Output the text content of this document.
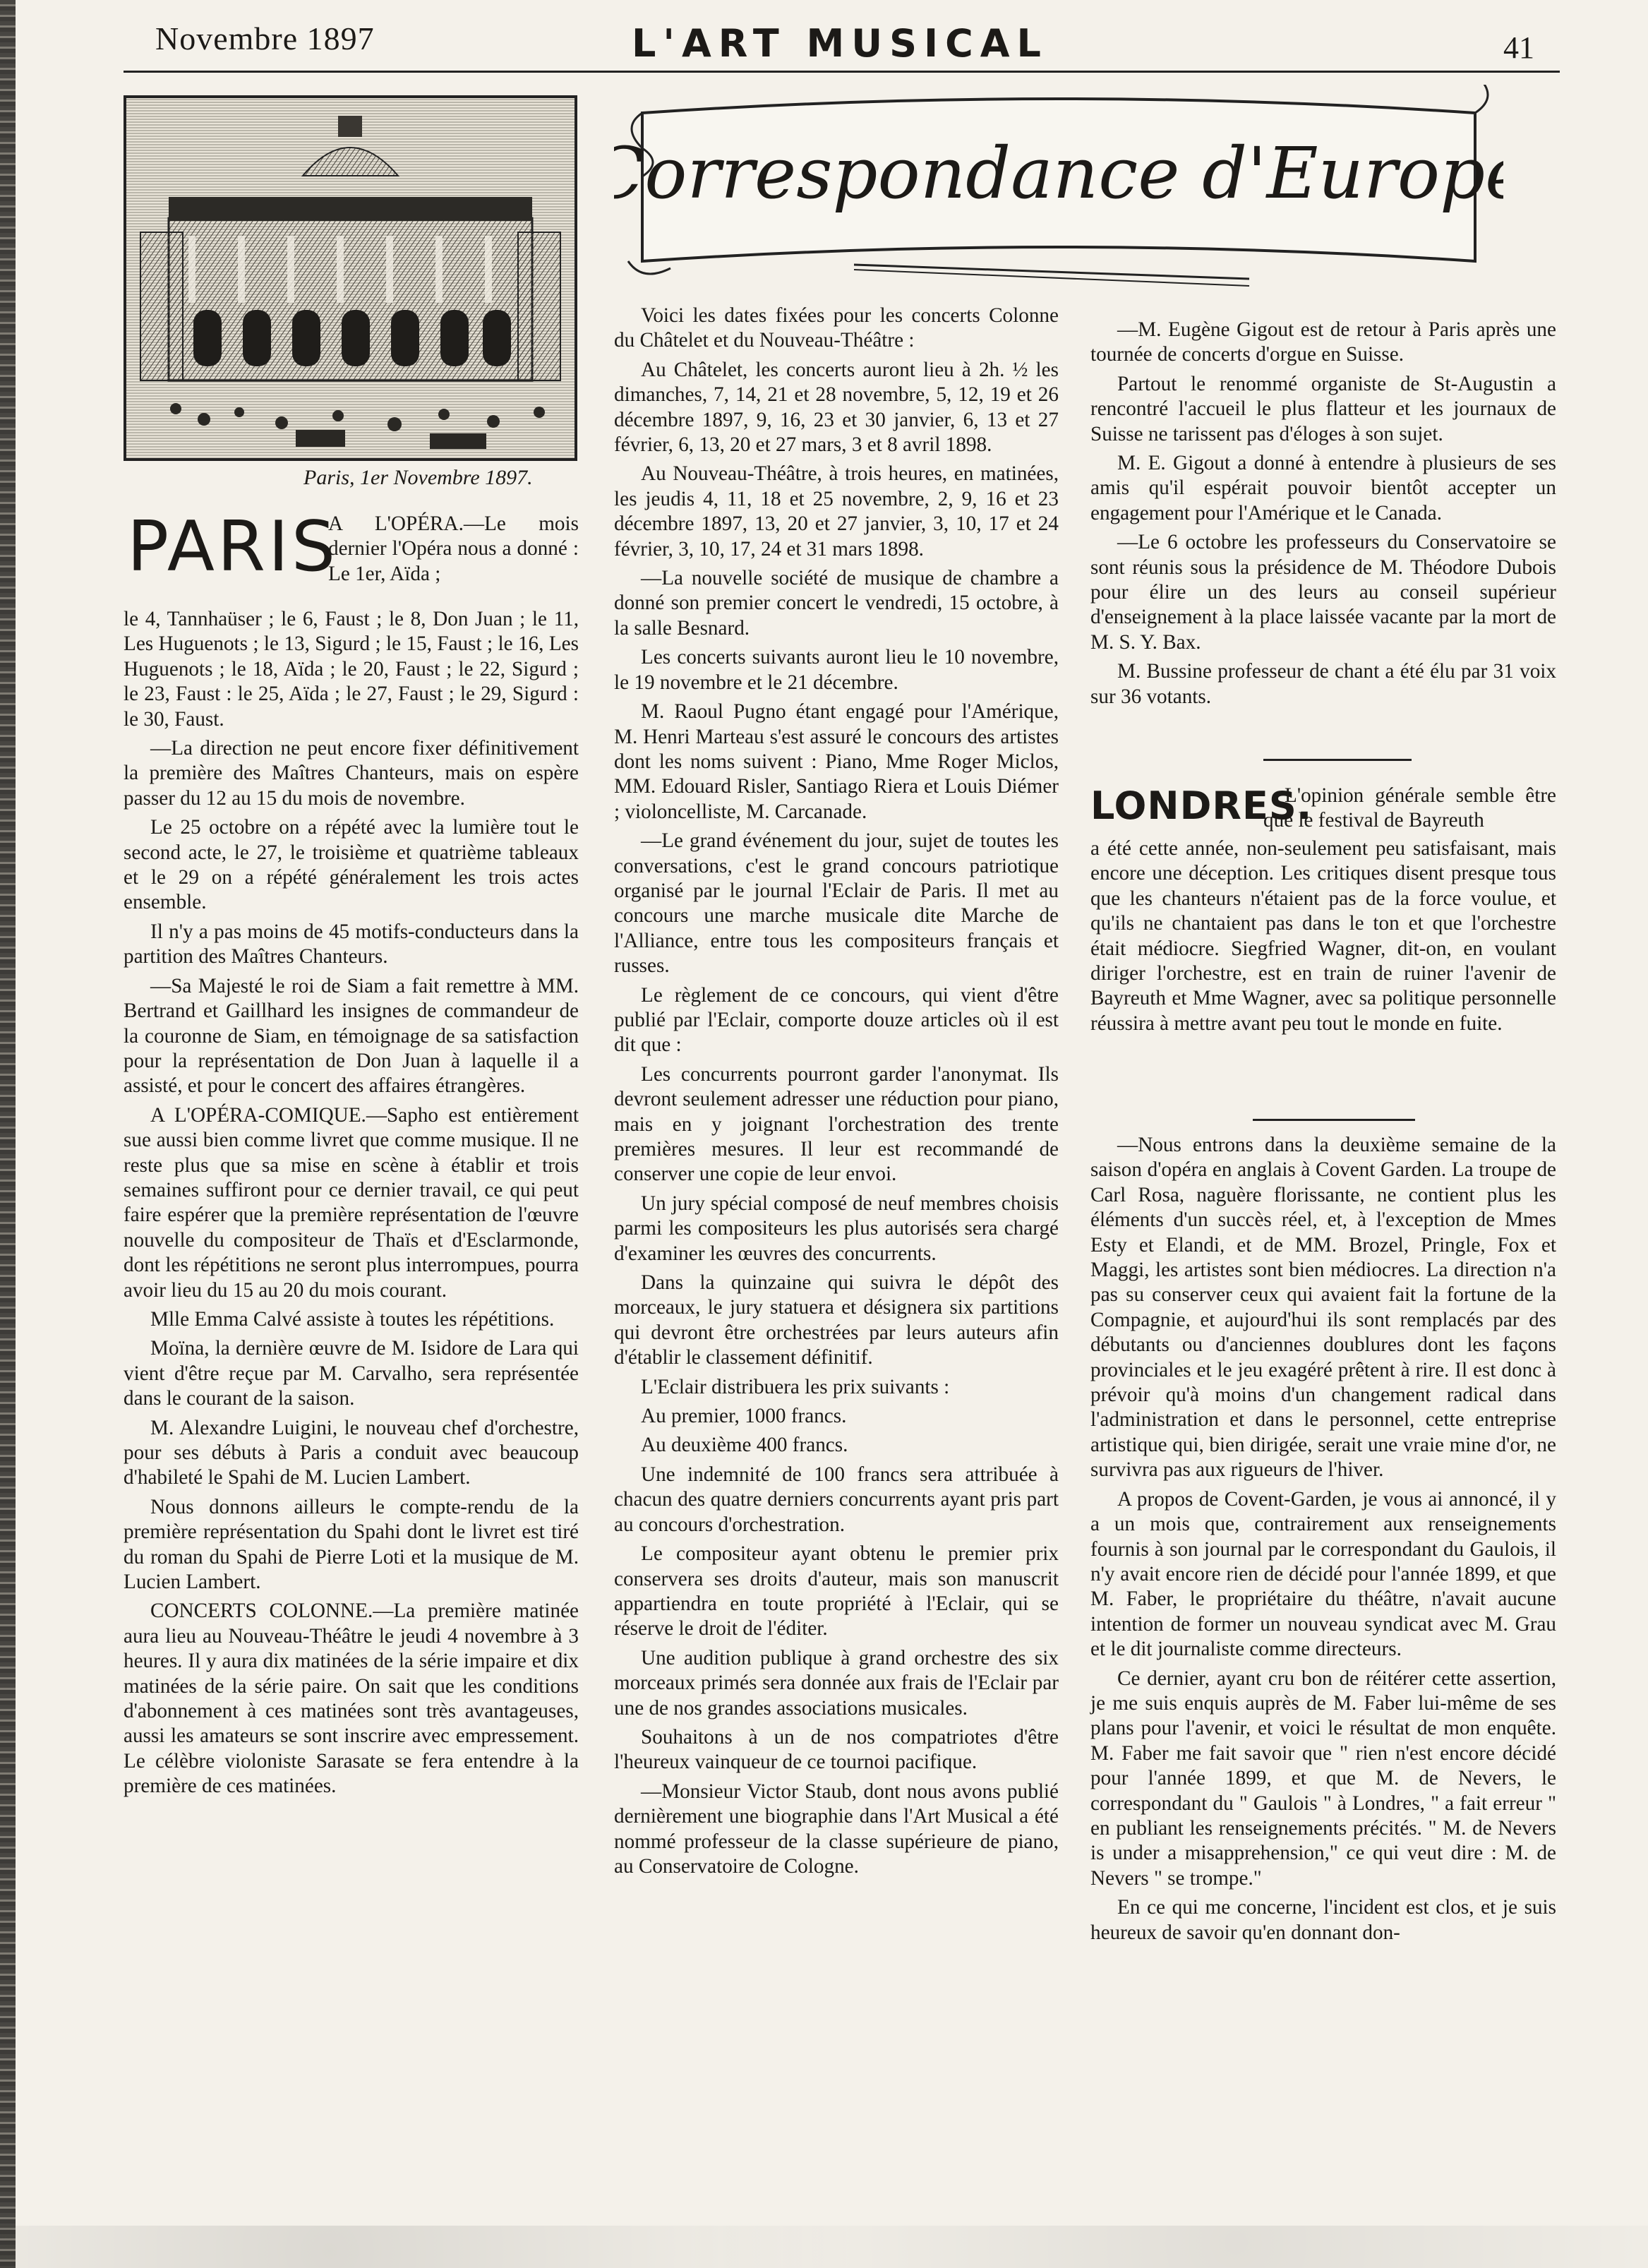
Novembre 1897	L'ART MUSICAL	41
Paris, 1er Novembre 1897.
Correspondance d'Europe
PARIS
A L'OPÉRA.—Le mois dernier l'Opéra nous a donné : Le 1er, Aïda ;

le 4, Tannhaüser ; le 6, Faust ; le 8, Don Juan ; le 11, Les Huguenots ; le 13, Sigurd ; le 15, Faust ; le 16, Les Huguenots ; le 18, Aïda ; le 20, Faust ; le 22, Sigurd ; le 23, Faust : le 25, Aïda ; le 27, Faust ; le 29, Sigurd : le 30, Faust.

—La direction ne peut encore fixer définitivement la première des Maîtres Chanteurs, mais on espère passer du 12 au 15 du mois de novembre.

Le 25 octobre on a répété avec la lumière tout le second acte, le 27, le troisième et quatrième tableaux et le 29 on a répété généralement les trois actes ensemble.

Il n'y a pas moins de 45 motifs-conducteurs dans la partition des Maîtres Chanteurs.

—Sa Majesté le roi de Siam a fait remettre à MM. Bertrand et Gaillhard les insignes de commandeur de la couronne de Siam, en témoignage de sa satisfaction pour la représentation de Don Juan à laquelle il a assisté, et pour le concert des affaires étrangères.

A L'OPÉRA-COMIQUE.—Sapho est entièrement sue aussi bien comme livret que comme musique. Il ne reste plus que sa mise en scène à établir et trois semaines suffiront pour ce dernier travail, ce qui peut faire espérer que la première représentation de l'œuvre nouvelle du compositeur de Thaïs et d'Esclarmonde, dont les répétitions ne seront plus interrompues, pourra avoir lieu du 15 au 20 du mois courant.

Mlle Emma Calvé assiste à toutes les répétitions.

Moïna, la dernière œuvre de M. Isidore de Lara qui vient d'être reçue par M. Carvalho, sera représentée dans le courant de la saison.

M. Alexandre Luigini, le nouveau chef d'orchestre, pour ses débuts à Paris a conduit avec beaucoup d'habileté le Spahi de M. Lucien Lambert.

Nous donnons ailleurs le compte-rendu de la première représentation du Spahi dont le livret est tiré du roman du Spahi de Pierre Loti et la musique de M. Lucien Lambert.

CONCERTS COLONNE.—La première matinée aura lieu au Nouveau-Théâtre le jeudi 4 novembre à 3 heures. Il y aura dix matinées de la série impaire et dix matinées de la série paire. On sait que les conditions d'abonnement à ces matinées sont très avantageuses, aussi les amateurs se sont inscrire avec empressement. Le célèbre violoniste Sarasate se fera entendre à la première de ces matinées.

Voici les dates fixées pour les concerts Colonne du Châtelet et du Nouveau-Théâtre :

Au Châtelet, les concerts auront lieu à 2h. ½ les dimanches, 7, 14, 21 et 28 novembre, 5, 12, 19 et 26 décembre 1897, 9, 16, 23 et 30 janvier, 6, 13 et 27 février, 6, 13, 20 et 27 mars, 3 et 8 avril 1898.

Au Nouveau-Théâtre, à trois heures, en matinées, les jeudis 4, 11, 18 et 25 novembre, 2, 9, 16 et 23 décembre 1897, 13, 20 et 27 janvier, 3, 10, 17 et 24 février, 3, 10, 17, 24 et 31 mars 1898.

—La nouvelle société de musique de chambre a donné son premier concert le vendredi, 15 octobre, à la salle Besnard.

Les concerts suivants auront lieu le 10 novembre, le 19 novembre et le 21 décembre.

M. Raoul Pugno étant engagé pour l'Amérique, M. Henri Marteau s'est assuré le concours des artistes dont les noms suivent : Piano, Mme Roger Miclos, MM. Edouard Risler, Santiago Riera et Louis Diémer ; violoncelliste, M. Carcanade.

—Le grand événement du jour, sujet de toutes les conversations, c'est le grand concours patriotique organisé par le journal l'Eclair de Paris. Il met au concours une marche musicale dite Marche de l'Alliance, entre tous les compositeurs français et russes.

Le règlement de ce concours, qui vient d'être publié par l'Eclair, comporte douze articles où il est dit que :

Les concurrents pourront garder l'anonymat. Ils devront seulement adresser une réduction pour piano, mais en y joignant l'orchestration des trente premières mesures. Il leur est recommandé de conserver une copie de leur envoi.

Un jury spécial composé de neuf membres choisis parmi les compositeurs les plus autorisés sera chargé d'examiner les œuvres des concurrents.

Dans la quinzaine qui suivra le dépôt des morceaux, le jury statuera et désignera six partitions qui devront être orchestrées par leurs auteurs afin d'établir le classement définitif.

L'Eclair distribuera les prix suivants :

Au premier, 1000 francs.

Au deuxième 400 francs.

Une indemnité de 100 francs sera attribuée à chacun des quatre derniers concurrents ayant pris part au concours d'orchestration.

Le compositeur ayant obtenu le premier prix conservera ses droits d'auteur, mais son manuscrit appartiendra en toute propriété à l'Eclair, qui se réserve le droit de l'éditer.

Une audition publique à grand orchestre des six morceaux primés sera donnée aux frais de l'Eclair par une de nos grandes associations musicales.

Souhaitons à un de nos compatriotes d'être l'heureux vainqueur de ce tournoi pacifique.

—Monsieur Victor Staub, dont nous avons publié dernièrement une biographie dans l'Art Musical a été nommé professeur de la classe supérieure de piano, au Conservatoire de Cologne.

—M. Eugène Gigout est de retour à Paris après une tournée de concerts d'orgue en Suisse.

Partout le renommé organiste de St-Augustin a rencontré l'accueil le plus flatteur et les journaux de Suisse ne tarissent pas d'éloges à son sujet.

M. E. Gigout a donné à entendre à plusieurs de ses amis qu'il espérait pouvoir bientôt accepter un engagement pour l'Amérique et le Canada.

—Le 6 octobre les professeurs du Conservatoire se sont réunis sous la présidence de M. Théodore Dubois pour élire un des leurs au conseil supérieur d'enseignement à la place laissée vacante par la mort de M. S. Y. Bax.

M. Bussine professeur de chant a été élu par 31 voix sur 36 votants.

LONDRES.
L'opinion générale semble être que le festival de Bayreuth

a été cette année, non-seulement peu satisfaisant, mais encore une déception. Les critiques disent presque tous que les chanteurs n'étaient pas de la force voulue, et qu'ils ne chantaient pas dans le ton et que l'orchestre était médiocre. Siegfried Wagner, dit-on, en voulant diriger l'orchestre, est en train de ruiner l'avenir de Bayreuth et Mme Wagner, avec sa politique personnelle réussira à mettre avant peu tout le monde en fuite.

—Nous entrons dans la deuxième semaine de la saison d'opéra en anglais à Covent Garden. La troupe de Carl Rosa, naguère florissante, ne contient plus les éléments d'un succès réel, et, à l'exception de Mmes Esty et Elandi, et de MM. Brozel, Pringle, Fox et Maggi, les artistes sont bien médiocres. La direction n'a pas su conserver ceux qui avaient fait la fortune de la Compagnie, et aujourd'hui ils sont remplacés par des débutants ou d'anciennes doublures dont les façons provinciales et le jeu exagéré prêtent à rire. Il est donc à prévoir qu'à moins d'un changement radical dans l'administration et dans le personnel, cette entreprise artistique qui, bien dirigée, serait une vraie mine d'or, ne survivra pas aux rigueurs de l'hiver.

A propos de Covent-Garden, je vous ai annoncé, il y a un mois que, contrairement aux renseignements fournis à son journal par le correspondant du Gaulois, il n'y avait encore rien de décidé pour l'année 1899, et que M. Faber, le propriétaire du théâtre, n'avait aucune intention de former un nouveau syndicat avec M. Grau et le dit journaliste comme directeurs.

Ce dernier, ayant cru bon de réitérer cette assertion, je me suis enquis auprès de M. Faber lui-même de ses plans pour l'avenir, et voici le résultat de mon enquête. M. Faber me fait savoir que " rien n'est encore décidé pour l'année 1899, et que M. de Nevers, le correspondant du " Gaulois " à Londres, " a fait erreur " en publiant les renseignements précités. " M. de Nevers is under a misapprehension," ce qui veut dire : M. de Nevers " se trompe."

En ce qui me concerne, l'incident est clos, et je suis heureux de savoir qu'en donnant don-
